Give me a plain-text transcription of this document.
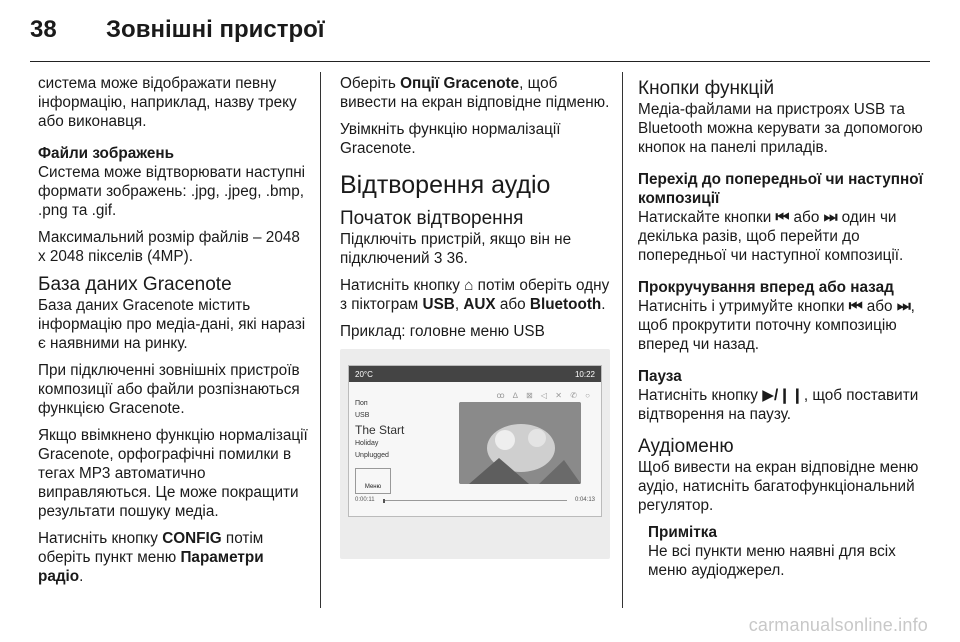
38	Зовнішні пристрої

система може відображати певну інформацію, наприклад, назву треку або виконавця.

Файли зображень

Система може відтворювати наступні формати зображень: .jpg, .jpeg, .bmp, .png та .gif.

Максимальний розмір файлів – 2048 x 2048 пікселів (4MP).

База даних Gracenote

База даних Gracenote містить інформацію про медіа-дані, які наразі є наявними на ринку.

При підключенні зовнішніх пристроїв композиції або файли розпізнаються функцією Gracenote.

Якщо ввімкнено функцію нормалізації Gracenote, орфографічні помилки в тегах MP3 автоматично виправляються. Це може покращити результати пошуку медіа.

Натисніть кнопку CONFIG потім оберіть пункт меню Параметри радіо.

Оберіть Опції Gracenote, щоб вивести на екран відповідне підменю.

Увімкніть функцію нормалізації Gracenote.

Відтворення аудіо
Початок відтворення

Підключіть пристрій, якщо він не підключений 3 36.

Натисніть кнопку ⌂ потім оберіть одну з піктограм USB, AUX або Bluetooth.

Приклад: головне меню USB

20°C	10:22
ꝏ ∆ ⊠ ◁ ✕ ✆ ○
Поп
USB
The Start
Holiday
Unplugged
Меню
0:00:11	0:04:13
Кнопки функцій

Медіа-файлами на пристроях USB та Bluetooth можна керувати за допомогою кнопок на панелі приладів.

Перехід до попередньої чи наступної композиції

Натискайте кнопки ⏮ або ⏭ один чи декілька разів, щоб перейти до попередньої чи наступної композиції.

Прокручування вперед або назад

Натисніть і утримуйте кнопки ⏮ або ⏭, щоб прокрутити поточну композицію вперед чи назад.

Пауза

Натисніть кнопку ▶/❙❙, щоб поставити відтворення на паузу.

Аудіоменю

Щоб вивести на екран відповідне меню аудіо, натисніть багатофункціональний регулятор.

Примітка
Не всі пункти меню наявні для всіх меню аудіоджерел.
carmanualsonline.info
